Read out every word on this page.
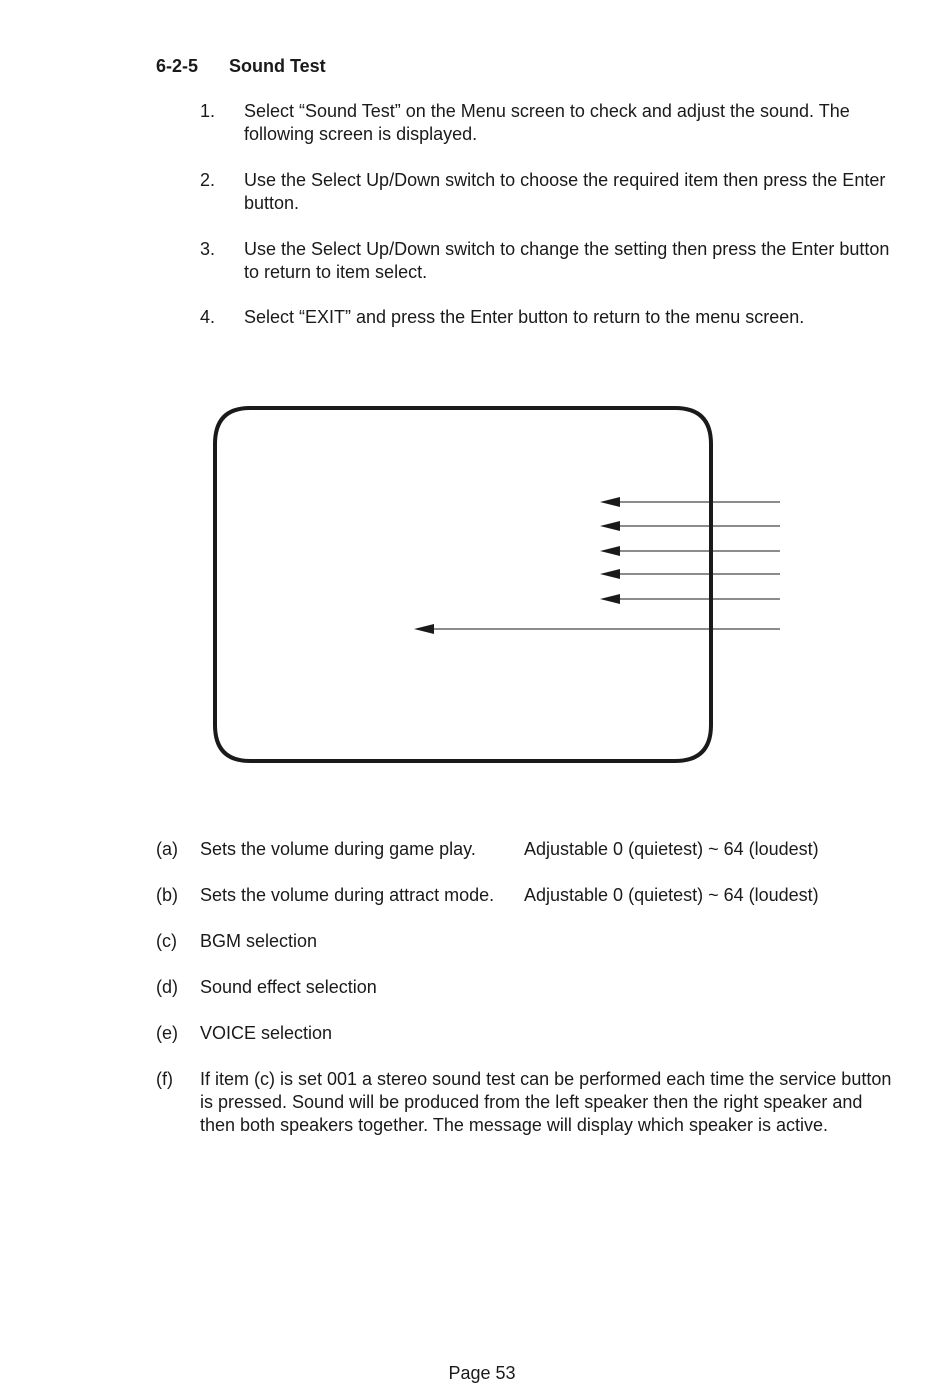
6-2-5 Sound Test
1. Select “Sound Test” on the Menu screen to check and adjust the sound. The following screen is displayed.
2. Use the Select Up/Down switch to choose the required item then press the Enter button.
3. Use the Select Up/Down switch to change the setting then press the Enter button to return to item select.
4. Select “EXIT” and press the Enter button to return to the menu screen.
(a) Sets the volume during game play.	Adjustable 0 (quietest) ~ 64 (loudest)
(b) Sets the volume during attract mode. Adjustable 0 (quietest) ~ 64 (loudest)
(c) BGM selection
(d) Sound effect selection
(e) VOICE selection
(f) If item (c) is set 001 a stereo sound test can be performed each time the service button is pressed. Sound will be produced from the left speaker then the right speaker and then both speakers together. The message will display which speaker is active.
Page 53
